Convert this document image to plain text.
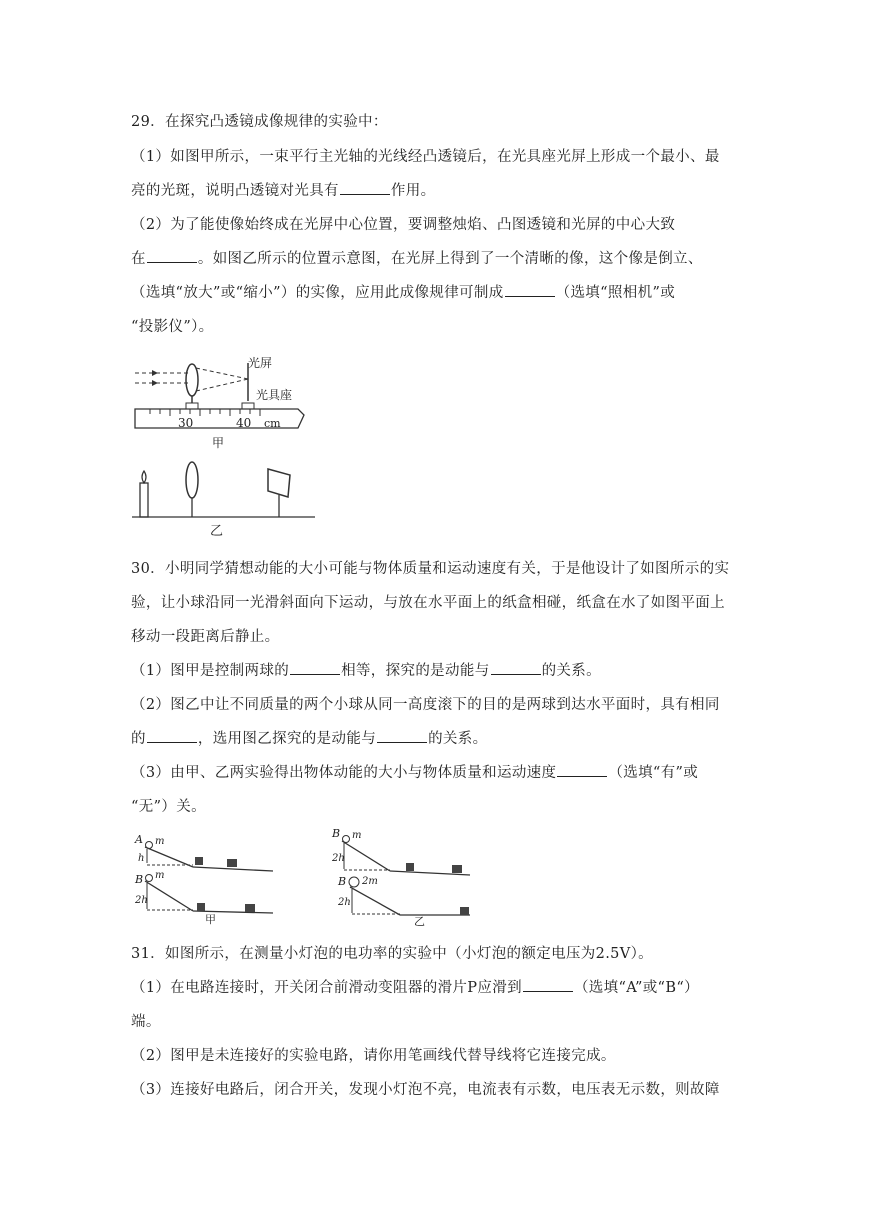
29．在探究凸透镜成像规律的实验中：
（1）如图甲所示，一束平行主光轴的光线经凸透镜后，在光具座光屏上形成一个最小、最
亮的光斑，说明凸透镜对光具有	作用。
（2）为了能使像始终成在光屏中心位置，要调整烛焰、凸图透镜和光屏的中心大致
在	。如图乙所示的位置示意图，在光屏上得到了一个清晰的像，这个像是倒立、
（选填“放大”或“缩小”）的实像，应用此成像规律可制成	（选填“照相机”或
“投影仪”）。
光屏
光具座
30	40 cm
甲
乙
30．小明同学猜想动能的大小可能与物体质量和运动速度有关，于是他设计了如图所示的实
验，让小球沿同一光滑斜面向下运动，与放在水平面上的纸盒相碰，纸盒在水了如图平面上
移动一段距离后静止。
（1）图甲是控制两球的	相等，探究的是动能与	的关系。
（2）图乙中让不同质量的两个小球从同一高度滚下的目的是两球到达水平面时，具有相同
的	，选用图乙探究的是动能与	的关系。
（3）由甲、乙两实验得出物体动能的大小与物体质量和运动速度	（选填“有”或
“无”）关。
A m
h
B m
2h
甲
B m
2h
B 2m
2h
乙
31．如图所示，在测量小灯泡的电功率的实验中（小灯泡的额定电压为2.5V）。
（1）在电路连接时，开关闭合前滑动变阻器的滑片P应滑到	（选填“A”或“B“）
端。
（2）图甲是未连接好的实验电路，请你用笔画线代替导线将它连接完成。
（3）连接好电路后，闭合开关，发现小灯泡不亮，电流表有示数，电压表无示数，则故障
